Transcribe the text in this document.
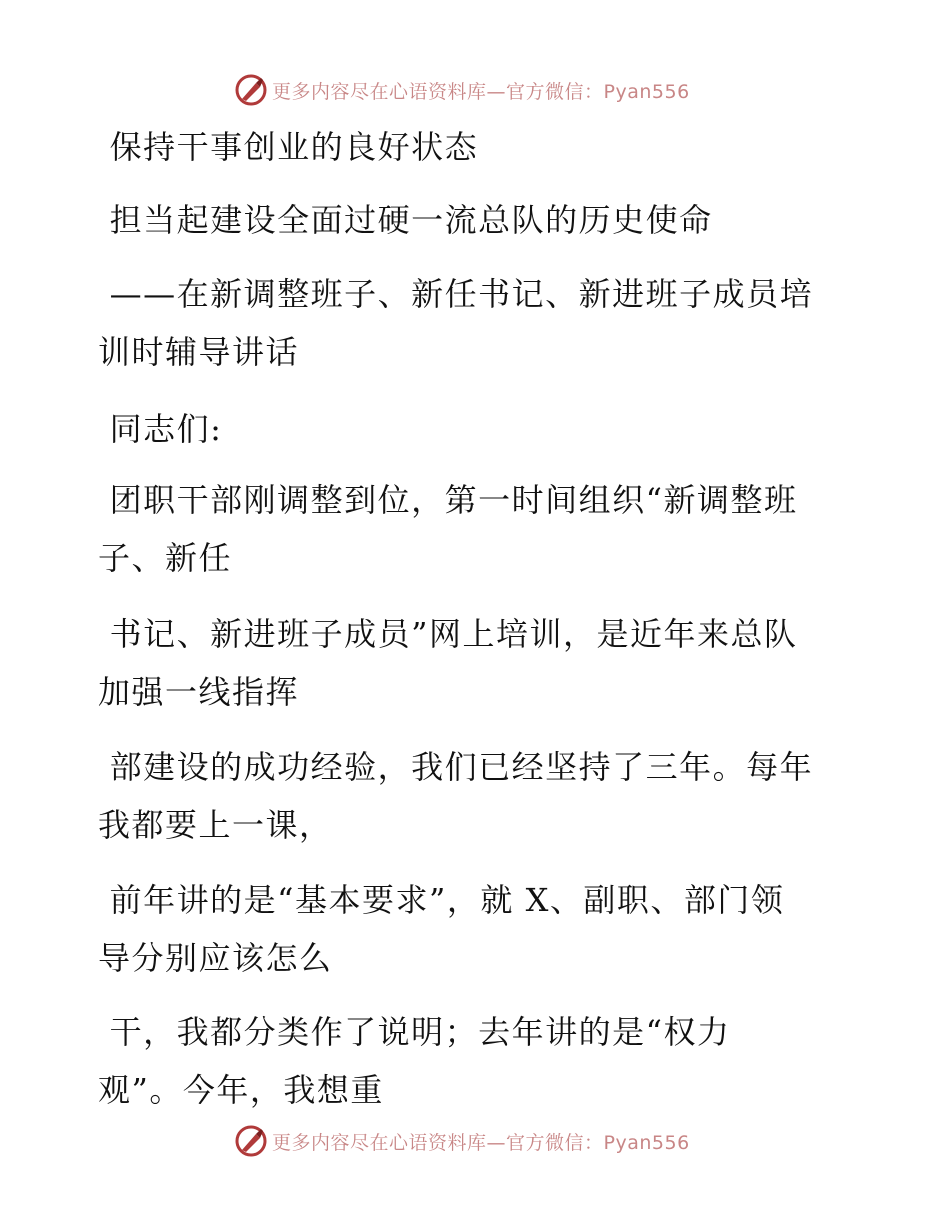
更多内容尽在心语资料库—官方微信：Pyan556

保持干事创业的良好状态

担当起建设全面过硬一流总队的历史使命

——在新调整班子、新任书记、新进班子成员培
训时辅导讲话

同志们:

团职干部刚调整到位，第一时间组织“新调整班
子、新任

书记、新进班子成员”网上培训，是近年来总队
加强一线指挥

部建设的成功经验，我们已经坚持了三年。每年
我都要上一课，

前年讲的是“基本要求”，就 X、副职、部门领
导分别应该怎么

干，我都分类作了说明；去年讲的是“权力
观”。今年，我想重

更多内容尽在心语资料库—官方微信：Pyan556
